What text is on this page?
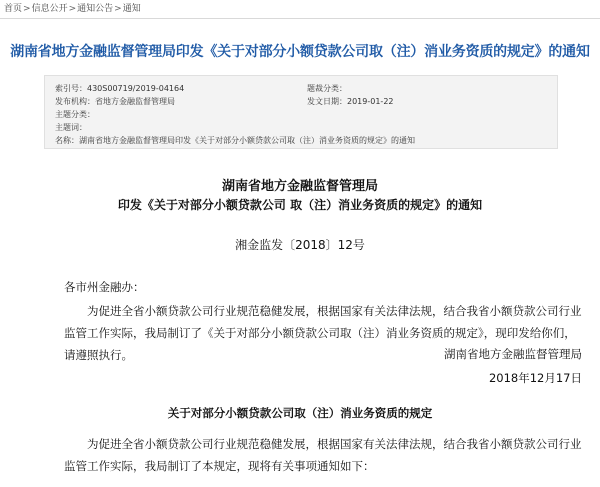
首页>信息公开>通知公告>通知
湖南省地方金融监督管理局印发《关于对部分小额贷款公司取（注）消业务资质的规定》的通知
索引号：430S00719/2019-04164	题裁分类：
发布机构：省地方金融监督管理局	发文日期：2019-01-22
主题分类：
主题词：
名称：湖南省地方金融监督管理局印发《关于对部分小额贷款公司取（注）消业务资质的规定》的通知
湖南省地方金融监督管理局
印发《关于对部分小额贷款公司 取（注）消业务资质的规定》的通知
湘金监发〔2018〕12号
各市州金融办：
为促进全省小额贷款公司行业规范稳健发展，根据国家有关法律法规，结合我省小额贷款公司行业监管工作实际，我局制订了《关于对部分小额贷款公司取（注）消业务资质的规定》，现印发给你们，请遵照执行。	湖南省地方金融监督管理局
2018年12月17日
关于对部分小额贷款公司取（注）消业务资质的规定
为促进全省小额贷款公司行业规范稳健发展，根据国家有关法律法规，结合我省小额贷款公司行业监管工作实际，我局制订了本规定，现将有关事项通知如下：
